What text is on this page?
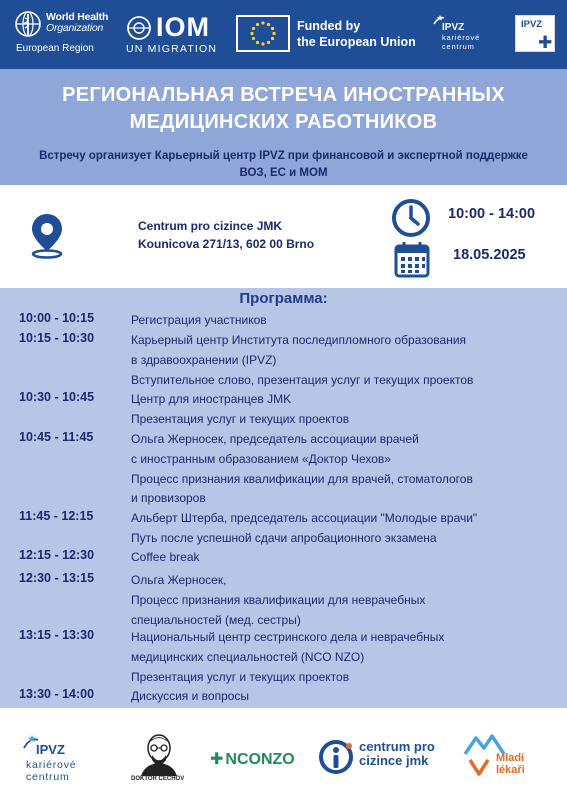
World Health
Organization
European Region
IOM
UN MIGRATION
Funded by
the European Union
IPVZ
kariérové
centrum
IPVZ
✚
РЕГИОНАЛЬНАЯ ВСТРЕЧА ИНОСТРАННЫХ
МЕДИЦИНСКИХ РАБОТНИКОВ
Встречу организует Карьерный центр IPVZ при финансовой и экспертной поддержке
ВОЗ, ЕС и МОМ
Centrum pro cizince JMK
Kounicova 271/13, 602 00 Brno
10:00 - 14:00
18.05.2025
Программа:
10:00 - 10:15	Регистрация участников
10:15 - 10:30	Карьерный центр Института последипломного образования
в здравоохранении (IPVZ)
Вступительное слово, презентация услуг и текущих проектов
10:30 - 10:45	Центр для иностранцев JMK
Презентация услуг и текущих проектов
10:45 - 11:45	Ольга Жерносек, председатель ассоциации врачей
с иностранным образованием «Доктор Чехов»
Процесс признания квалификации для врачей, стоматологов
и провизоров
11:45 - 12:15	Альберт Штерба, председатель ассоциации "Молодые врачи"
Путь после успешной сдачи апробационного экзамена
12:15 - 12:30	Coffee break
12:30 - 13:15	Ольга Жерносек,
Процесс признания квалификации для неврачебных
специальностей (мед. сестры)
13:15 - 13:30	Национальный центр сестринского дела и неврачебных
медицинских специальностей (NCO NZO)
Презентация услуг и текущих проектов
13:30 - 14:00	Дискуссия и вопросы
IPVZ
kariérové
centrum	DOKTOR ČECHOV
✚ NCONZO
centrum pro
cizince jmk	Mladí
lékaři
